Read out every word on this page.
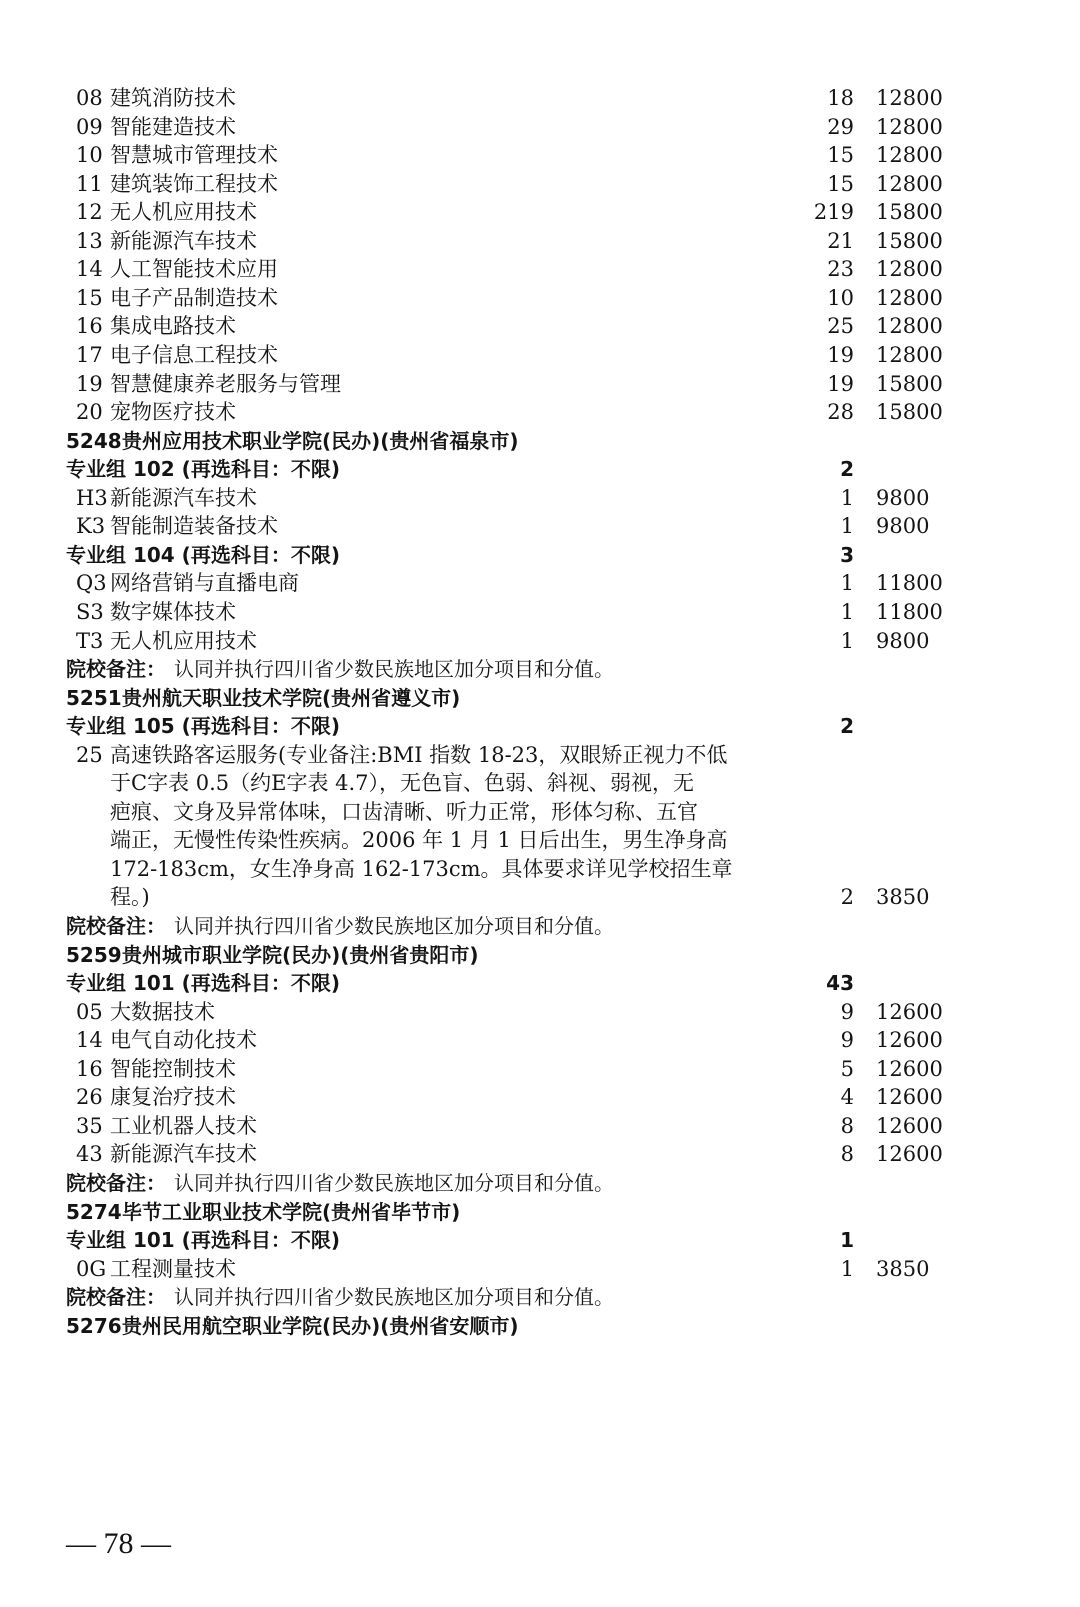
08 建筑消防技术	18 12800
09 智能建造技术	29 12800
10 智慧城市管理技术	15 12800
11 建筑装饰工程技术	15 12800
12 无人机应用技术	219 15800
13 新能源汽车技术	21 15800
14 人工智能技术应用	23 12800
15 电子产品制造技术	10 12800
16 集成电路技术	25 12800
17 电子信息工程技术	19 12800
19 智慧健康养老服务与管理	19 15800
20 宠物医疗技术	28 15800
5248 贵州应用技术职业学院(民办)(贵州省福泉市)
专业组 102 (再选科目：不限)	2
H3 新能源汽车技术	1 9800
K3 智能制造装备技术	1 9800
专业组 104 (再选科目：不限)	3
Q3 网络营销与直播电商	1 11800
S3 数字媒体技术	1 11800
T3 无人机应用技术	1 9800
院校备注： 认同并执行四川省少数民族地区加分项目和分值。
5251 贵州航天职业技术学院(贵州省遵义市)
专业组 105 (再选科目：不限)	2
25 高速铁路客运服务(专业备注:BMI 指数 18-23，双眼矫正视力不低
于C字表 0.5（约E字表 4.7），无色盲、色弱、斜视、弱视，无
疤痕、文身及异常体味，口齿清晰、听力正常，形体匀称、五官
端正，无慢性传染性疾病。2006 年 1 月 1 日后出生，男生净身高
172-183cm，女生净身高 162-173cm。具体要求详见学校招生章
程。)	2 3850
院校备注： 认同并执行四川省少数民族地区加分项目和分值。
5259 贵州城市职业学院(民办)(贵州省贵阳市)
专业组 101 (再选科目：不限)	43
05 大数据技术	9 12600
14 电气自动化技术	9 12600
16 智能控制技术	5 12600
26 康复治疗技术	4 12600
35 工业机器人技术	8 12600
43 新能源汽车技术	8 12600
院校备注： 认同并执行四川省少数民族地区加分项目和分值。
5274 毕节工业职业技术学院(贵州省毕节市)
专业组 101 (再选科目：不限)	1
0G 工程测量技术	1 3850
院校备注： 认同并执行四川省少数民族地区加分项目和分值。
5276 贵州民用航空职业学院(民办)(贵州省安顺市)
— 78 —
